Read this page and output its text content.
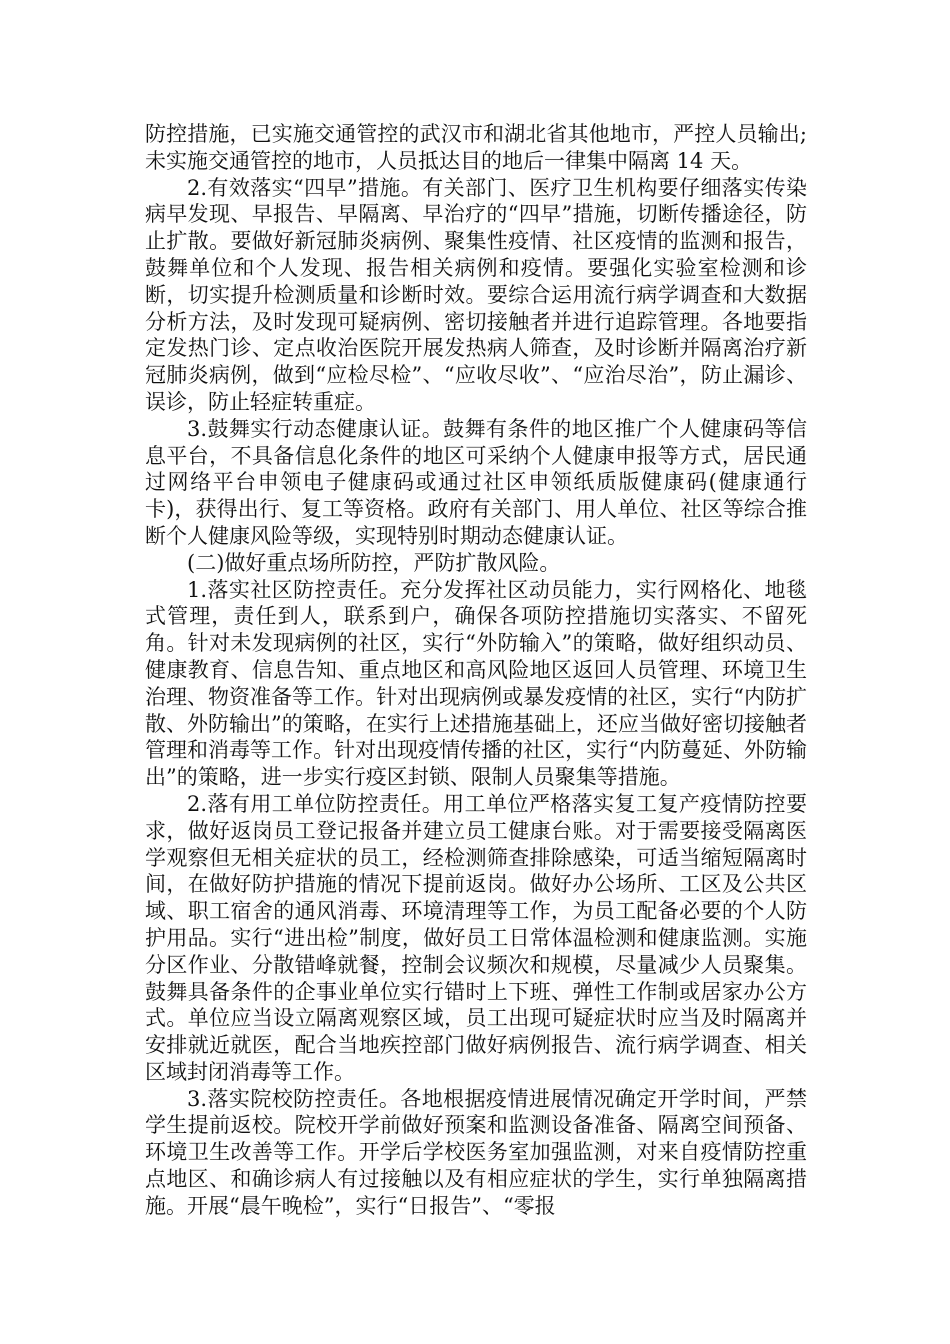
防控措施，已实施交通管控的武汉市和湖北省其他地市，严控人员输出;未实施交通管控的地市，人员抵达目的地后一律集中隔离 14 天。

2.有效落实“四早”措施。有关部门、医疗卫生机构要仔细落实传染病早发现、早报告、早隔离、早治疗的“四早”措施，切断传播途径，防止扩散。要做好新冠肺炎病例、聚集性疫情、社区疫情的监测和报告，鼓舞单位和个人发现、报告相关病例和疫情。要强化实验室检测和诊断，切实提升检测质量和诊断时效。要综合运用流行病学调查和大数据分析方法，及时发现可疑病例、密切接触者并进行追踪管理。各地要指定发热门诊、定点收治医院开展发热病人筛查，及时诊断并隔离治疗新冠肺炎病例，做到“应检尽检”、“应收尽收”、“应治尽治”，防止漏诊、误诊，防止轻症转重症。

3.鼓舞实行动态健康认证。鼓舞有条件的地区推广个人健康码等信息平台，不具备信息化条件的地区可采纳个人健康申报等方式，居民通过网络平台申领电子健康码或通过社区申领纸质版健康码(健康通行卡)，获得出行、复工等资格。政府有关部门、用人单位、社区等综合推断个人健康风险等级，实现特别时期动态健康认证。

(二)做好重点场所防控，严防扩散风险。

1.落实社区防控责任。充分发挥社区动员能力，实行网格化、地毯式管理，责任到人，联系到户，确保各项防控措施切实落实、不留死角。针对未发现病例的社区，实行“外防输入”的策略，做好组织动员、健康教育、信息告知、重点地区和高风险地区返回人员管理、环境卫生治理、物资准备等工作。针对出现病例或暴发疫情的社区，实行“内防扩散、外防输出”的策略，在实行上述措施基础上，还应当做好密切接触者管理和消毒等工作。针对出现疫情传播的社区，实行“内防蔓延、外防输出”的策略，进一步实行疫区封锁、限制人员聚集等措施。

2.落有用工单位防控责任。用工单位严格落实复工复产疫情防控要求，做好返岗员工登记报备并建立员工健康台账。对于需要接受隔离医学观察但无相关症状的员工，经检测筛查排除感染，可适当缩短隔离时间，在做好防护措施的情况下提前返岗。做好办公场所、工区及公共区域、职工宿舍的通风消毒、环境清理等工作，为员工配备必要的个人防护用品。实行“进出检”制度，做好员工日常体温检测和健康监测。实施分区作业、分散错峰就餐，控制会议频次和规模，尽量减少人员聚集。鼓舞具备条件的企事业单位实行错时上下班、弹性工作制或居家办公方式。单位应当设立隔离观察区域，员工出现可疑症状时应当及时隔离并安排就近就医，配合当地疾控部门做好病例报告、流行病学调查、相关区域封闭消毒等工作。

3.落实院校防控责任。各地根据疫情进展情况确定开学时间，严禁学生提前返校。院校开学前做好预案和监测设备准备、隔离空间预备、环境卫生改善等工作。开学后学校医务室加强监测，对来自疫情防控重点地区、和确诊病人有过接触以及有相应症状的学生，实行单独隔离措施。开展“晨午晚检”，实行“日报告”、“零报
